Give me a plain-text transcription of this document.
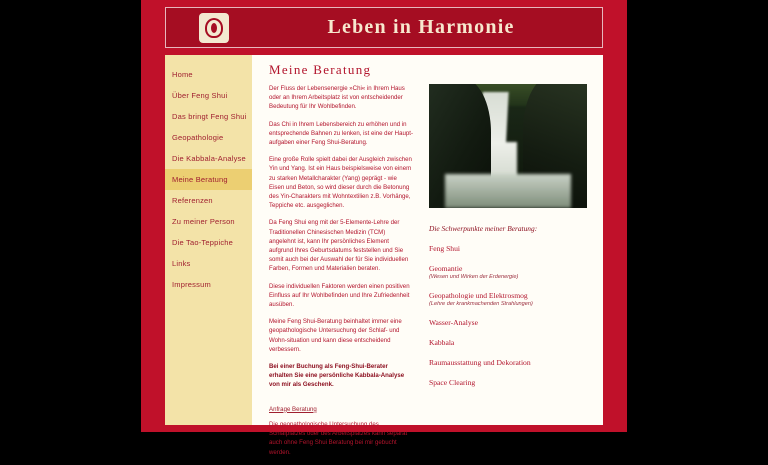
Leben in Harmonie
Home
Über Feng Shui
Das bringt Feng Shui
Geopathologie
Die Kabbala-Analyse
Meine Beratung
Referenzen
Zu meiner Person
Die Tao-Teppiche
Links
Impressum
Meine Beratung

Der Fluss der Lebensenergie »Chi« in Ihrem Haus oder an Ihrem Arbeitsplatz ist von entscheidender Bedeutung für Ihr Wohlbefinden.

Das Chi in Ihrem Lebensbereich zu erhöhen und in entsprechende Bahnen zu lenken, ist eine der Haupt-aufgaben einer Feng Shui-Beratung.

Eine große Rolle spielt dabei der Ausgleich zwischen Yin und Yang. Ist ein Haus beispielsweise von einem zu starken Metallcharakter (Yang) geprägt - wie Eisen und Beton, so wird dieser durch die Betonung des Yin-Charakters mit Wohntextilien z.B. Vorhänge, Teppiche etc. ausgeglichen.

Da Feng Shui eng mit der 5-Elemente-Lehre der Traditionellen Chinesischen Medizin (TCM) angelehnt ist, kann Ihr persönliches Element aufgrund Ihres Geburtsdatums feststellen und Sie somit auch bei der Auswahl der für Sie individuellen Farben, Formen und Materialien beraten.

Diese individuellen Faktoren werden einen positiven Einfluss auf Ihr Wohlbefinden und Ihre Zufriedenheit ausüben.

Meine Feng Shui-Beratung beinhaltet immer eine geopathologische Untersuchung der Schlaf- und Wohn-situation und kann diese entscheidend verbessern.

Bei einer Buchung als Feng-Shui-Berater erhalten Sie eine persönliche Kabbala-Analyse von mir als Geschenk.

Anfrage Beratung

Die geopathologische Untersuchung des Schlafplatzes oder des Arbeitsplatzes kann separat auch ohne Feng Shui Beratung bei mir gebucht werden.

Die Schwerpunkte meiner Beratung:
Feng Shui
Geomantie
(Wesen und Wirken der Erdenergie)
Geopathologie und Elektrosmog
(Lehre der krankmachenden Strahlungen)
Wasser-Analyse
Kabbala
Raumausstattung und Dekoration
Space Clearing
